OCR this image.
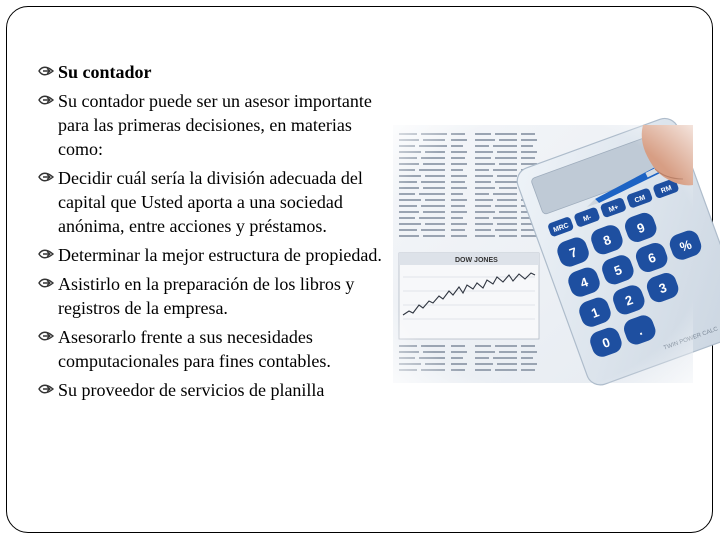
Su contador
Su contador puede ser un asesor importante para las primeras decisiones, en materias como:
Decidir cuál sería la división adecuada del capital que Usted aporta a una sociedad anónima, entre acciones y préstamos.
Determinar la mejor estructura de propiedad.
Asistirlo en la preparación de los libros y registros de la empresa.
Asesorarlo frente a sus necesidades computacionales para fines contables.
Su proveedor de servicios de planilla
CALC
